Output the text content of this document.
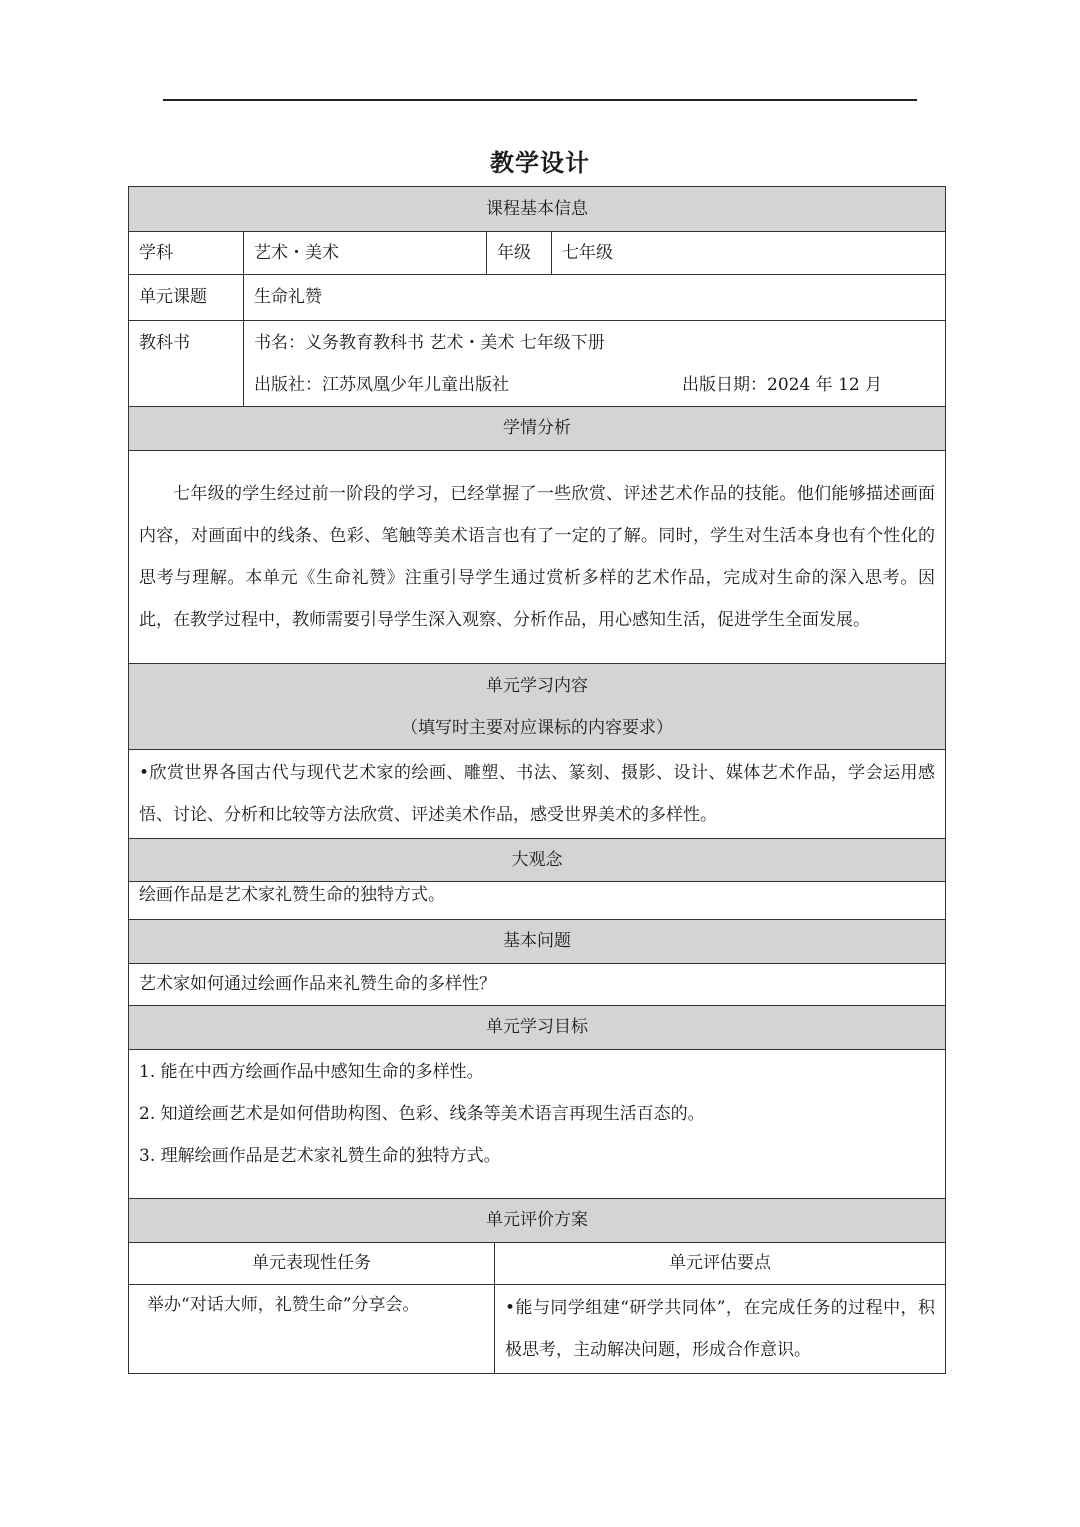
教学设计
课程基本信息				
学科	艺术・美术	年级		七年级
单元课题	生命礼赞			
教科书	书名：义务教育教科书 艺术・美术 七年级下册
出版社：江苏凤凰少年儿童出版社 出版日期：2024 年 12 月			

学情分析				
七年级的学生经过前一阶段的学习，已经掌握了一些欣赏、评述艺术作品的技能。他们能够描述画面内容，对画面中的线条、色彩、笔触等美术语言也有了一定的了解。同时，学生对生活本身也有个性化的思考与理解。本单元《生命礼赞》注重引导学生通过赏析多样的艺术作品，完成对生命的深入思考。因此，在教学过程中，教师需要引导学生深入观察、分析作品，用心感知生活，促进学生全面发展。				

单元学习内容
（填写时主要对应课标的内容要求）				

•欣赏世界各国古代与现代艺术家的绘画、雕塑、书法、篆刻、摄影、设计、媒体艺术作品，学会运用感悟、讨论、分析和比较等方法欣赏、评述美术作品，感受世界美术的多样性。				
大观念				
绘画作品是艺术家礼赞生命的独特方式。				
基本问题				
艺术家如何通过绘画作品来礼赞生命的多样性？				
单元学习目标				

1. 能在中西方绘画作品中感知生命的多样性。
2. 知道绘画艺术是如何借助构图、色彩、线条等美术语言再现生活百态的。
3. 理解绘画作品是艺术家礼赞生命的独特方式。				

单元评价方案				
单元表现性任务			单元评估要点	
举办“对话大师，礼赞生命”分享会。			•能与同学组建“研学共同体”，在完成任务的过程中，积极思考，主动解决问题，形成合作意识。	
